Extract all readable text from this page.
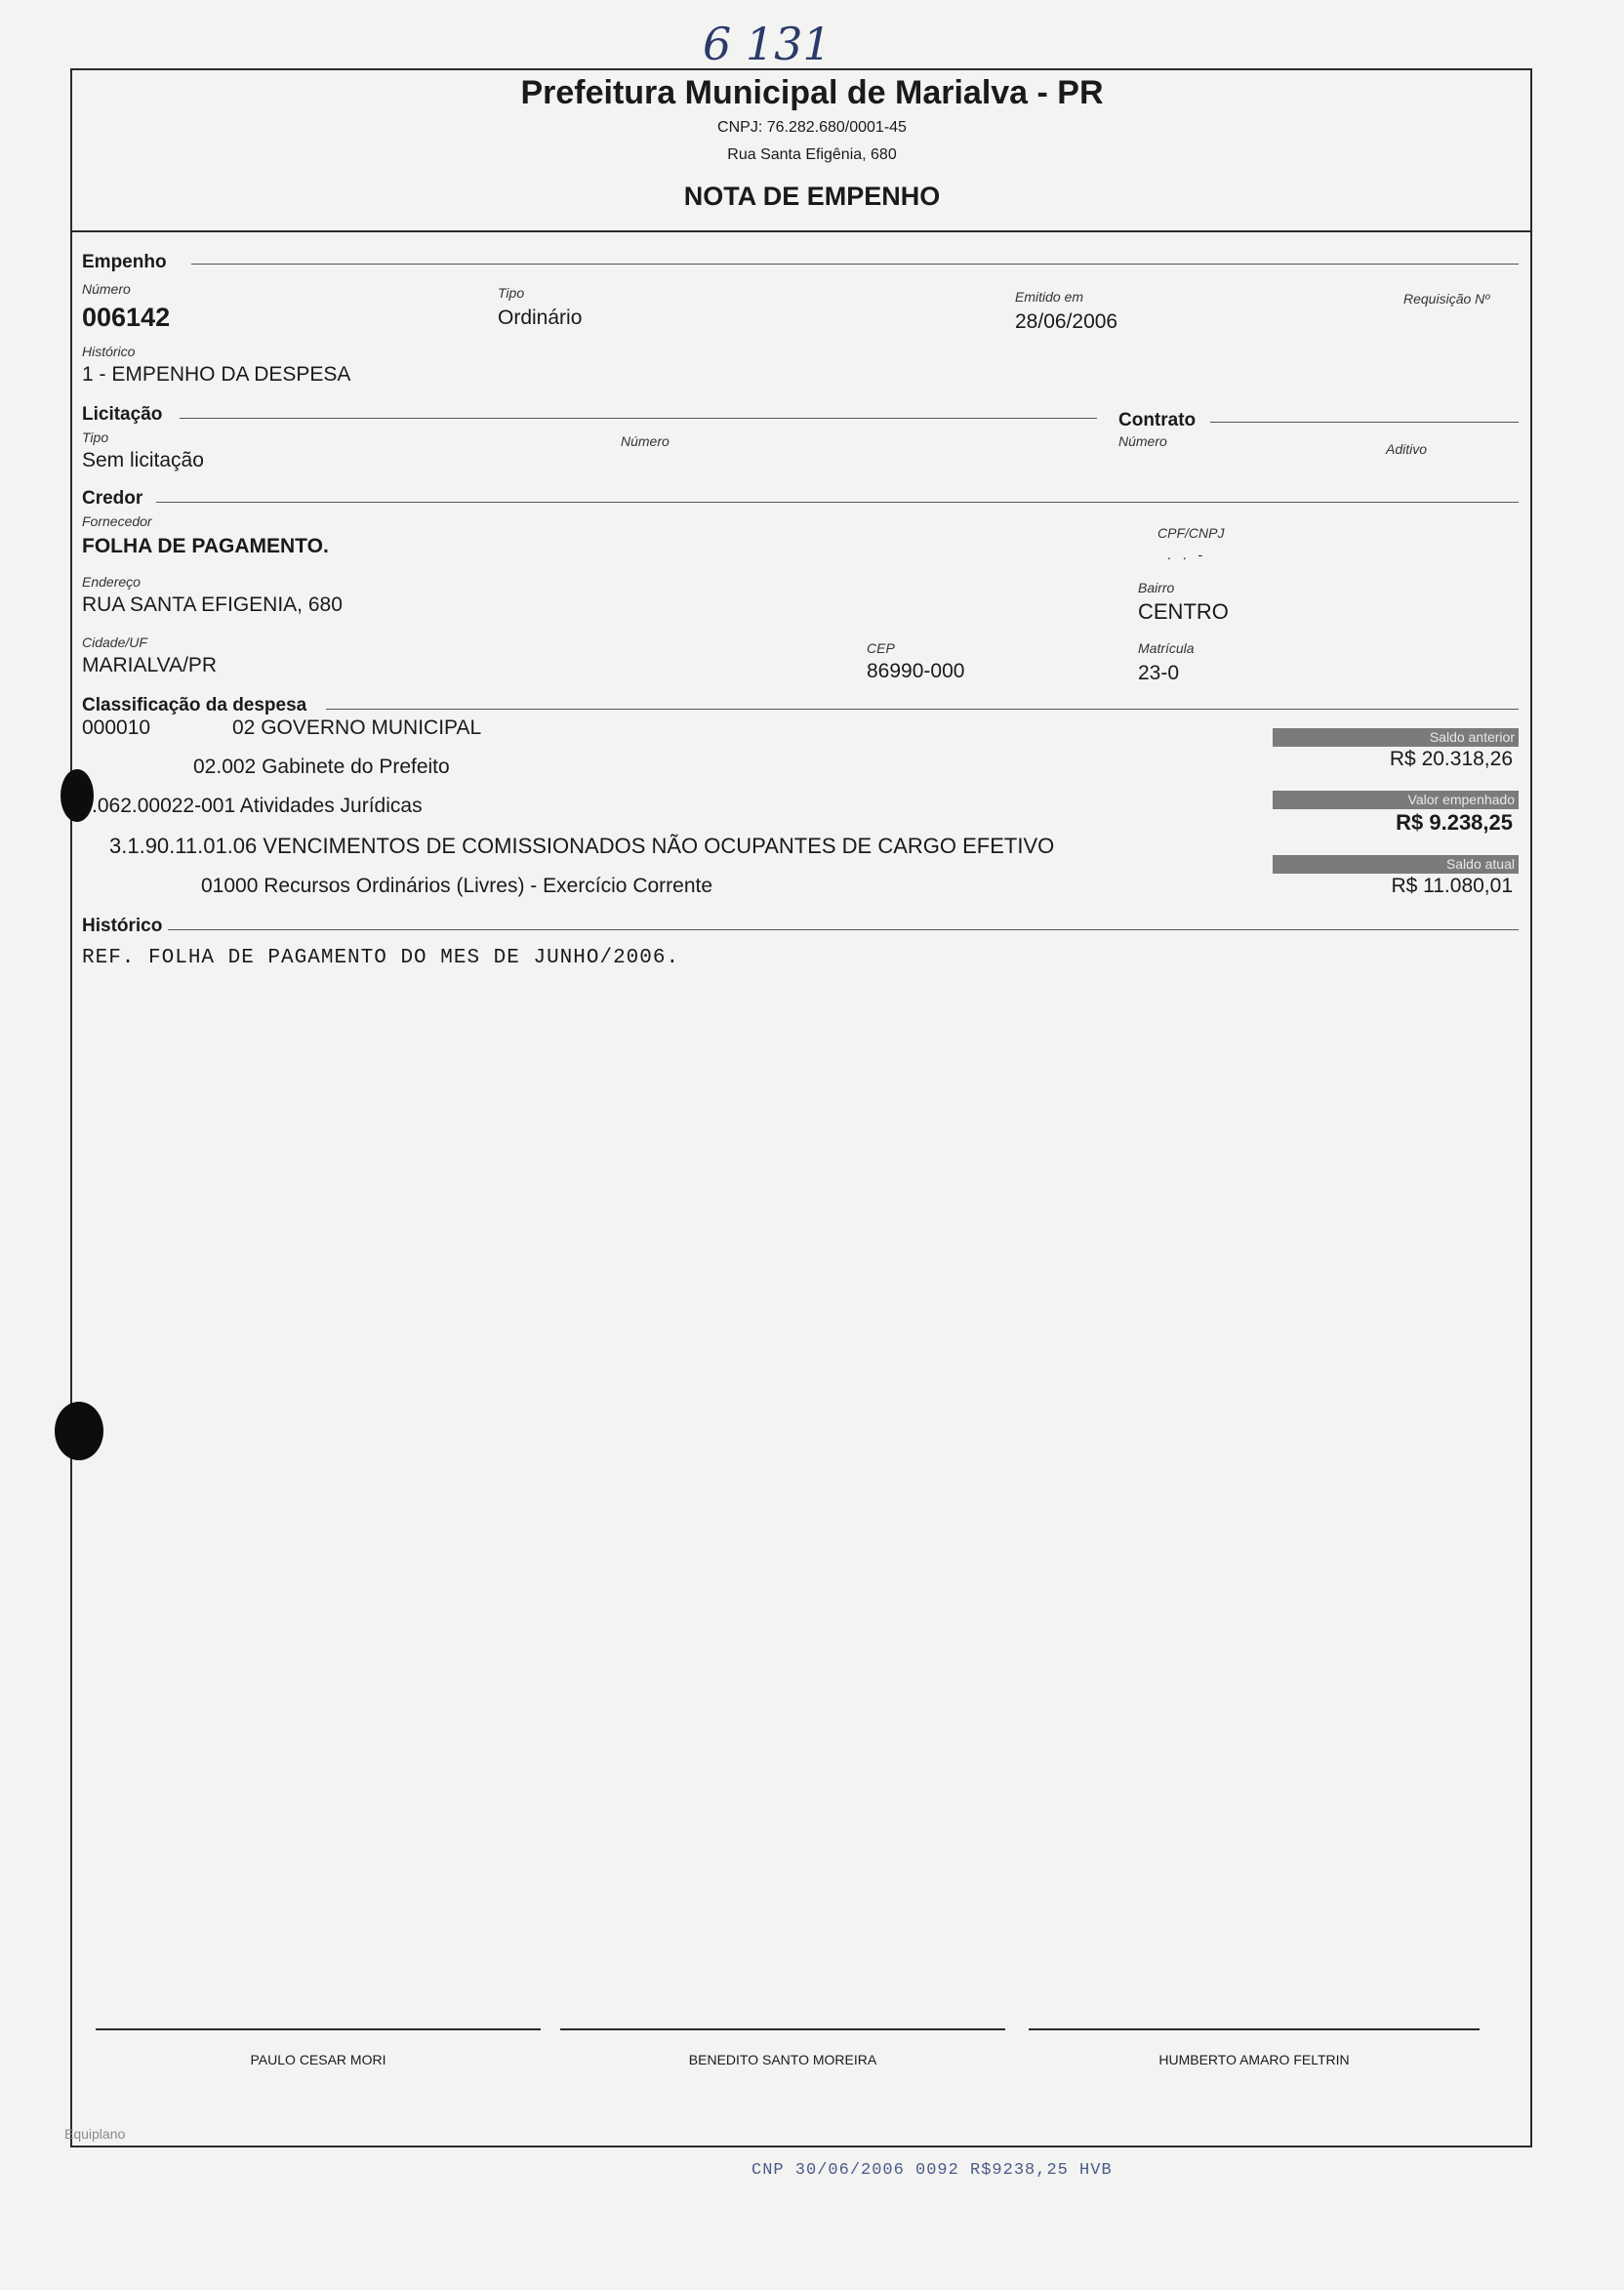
6 131
Prefeitura Municipal de Marialva - PR
CNPJ: 76.282.680/0001-45
Rua Santa Efigênia, 680
NOTA DE EMPENHO
Empenho
Número
006142
Tipo
Ordinário
Emitido em
28/06/2006
Requisição Nº
Histórico
1 - EMPENHO DA DESPESA
Licitação	Contrato
Tipo
Sem licitação
Número	Número	Aditivo
Credor
Fornecedor
FOLHA DE PAGAMENTO.
CPF/CNPJ
. . -
Endereço
RUA SANTA EFIGENIA, 680
Bairro
CENTRO
Cidade/UF
MARIALVA/PR
CEP
86990-000
Matrícula
23-0
Classificação da despesa
000010	02 GOVERNO MUNICIPAL
02.002 Gabinete do Prefeito
.062.00022-001 Atividades Jurídicas
3.1.90.11.01.06 VENCIMENTOS DE COMISSIONADOS NÃO OCUPANTES DE CARGO EFETIVO
01000 Recursos Ordinários (Livres) - Exercício Corrente
Saldo anterior
R$ 20.318,26
Valor empenhado
R$ 9.238,25
Saldo atual
R$ 11.080,01
Histórico
REF. FOLHA DE PAGAMENTO DO MES DE JUNHO/2006.
PAULO CESAR MORI	BENEDITO SANTO MOREIRA	HUMBERTO AMARO FELTRIN
Equiplano
CNP 30/06/2006 0092 R$9238,25 HVB
